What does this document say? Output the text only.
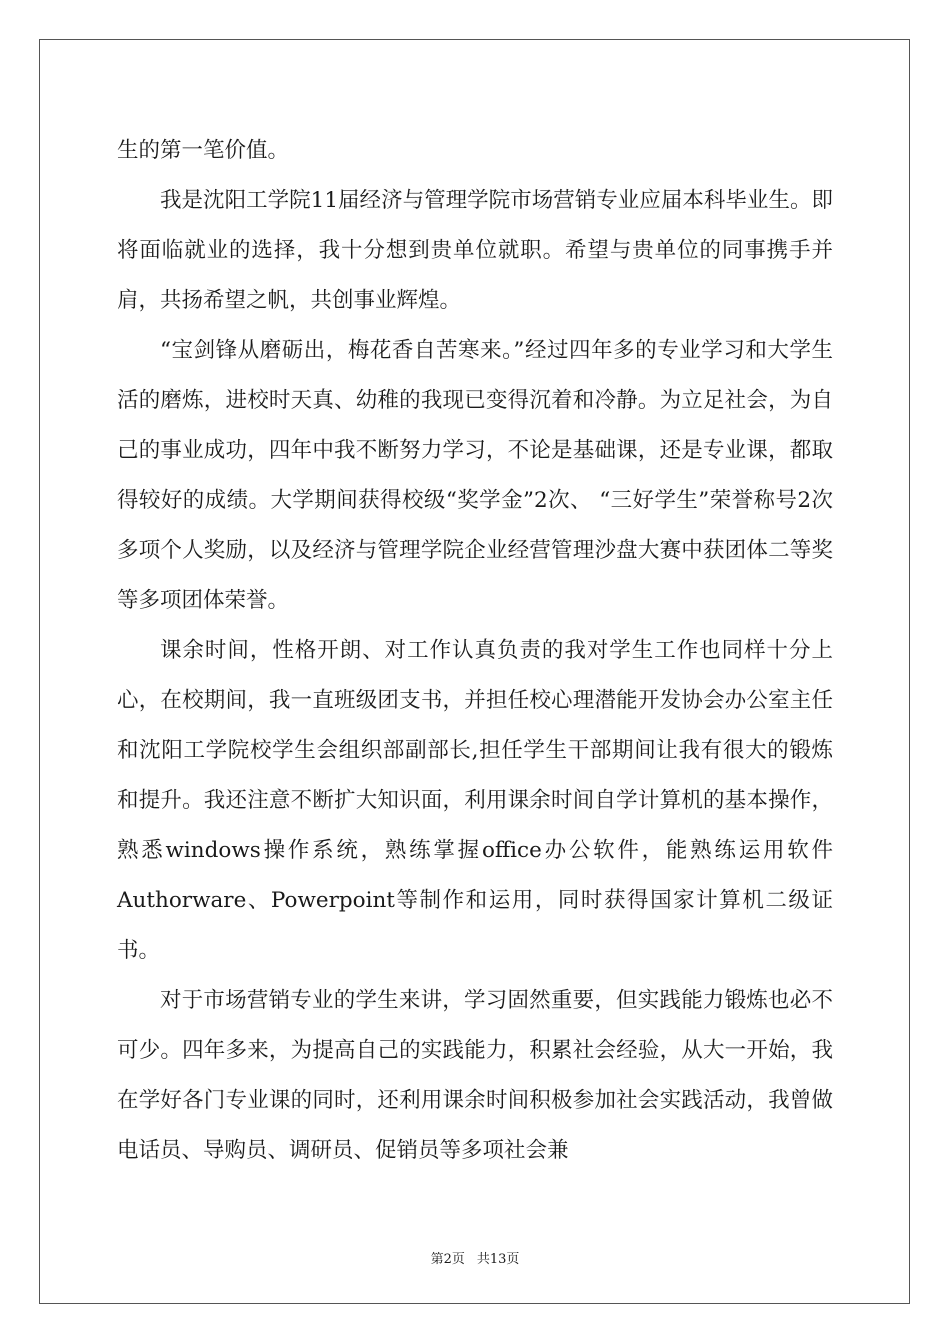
生的第一笔价值。

我是沈阳工学院11届经济与管理学院市场营销专业应届本科毕业生。即将面临就业的选择，我十分想到贵单位就职。希望与贵单位的同事携手并肩，共扬希望之帆，共创事业辉煌。

“宝剑锋从磨砺出，梅花香自苦寒来。”经过四年多的专业学习和大学生活的磨炼，进校时天真、幼稚的我现已变得沉着和冷静。为立足社会，为自己的事业成功，四年中我不断努力学习，不论是基础课，还是专业课，都取得较好的成绩。大学期间获得校级“奖学金”2次、 “三好学生”荣誉称号2次多项个人奖励，以及经济与管理学院企业经营管理沙盘大赛中获团体二等奖等多项团体荣誉。

课余时间，性格开朗、对工作认真负责的我对学生工作也同样十分上心，在校期间，我一直班级团支书，并担任校心理潜能开发协会办公室主任和沈阳工学院校学生会组织部副部长,担任学生干部期间让我有很大的锻炼和提升。我还注意不断扩大知识面，利用课余时间自学计算机的基本操作，熟悉windows操作系统，熟练掌握office办公软件，能熟练运用软件Authorware、Powerpoint等制作和运用，同时获得国家计算机二级证书。

对于市场营销专业的学生来讲，学习固然重要，但实践能力锻炼也必不可少。四年多来，为提高自己的实践能力，积累社会经验，从大一开始，我在学好各门专业课的同时，还利用课余时间积极参加社会实践活动，我曾做电话员、导购员、调研员、促销员等多项社会兼

第2页 共13页
